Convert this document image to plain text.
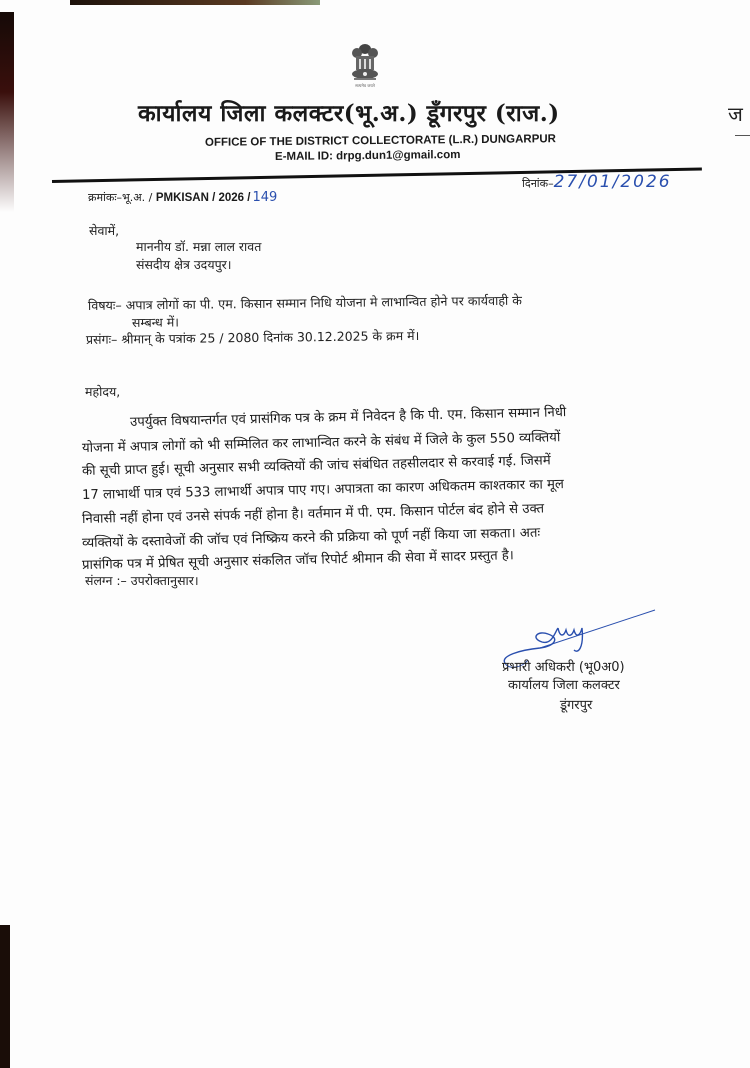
ज
सत्यमेव जयते
कार्यालय जिला कलक्टर(भू.अ.) डूँगरपुर (राज.)
OFFICE OF THE DISTRICT COLLECTORATE (L.R.) DUNGARPUR
E-MAIL ID: drpg.dun1@gmail.com
क्रमांकः–भू.अ. / PMKISAN / 2026 / 149
दिनांक–27/01/2026
सेवामें,
माननीय डॉ. मन्ना लाल रावत
संसदीय क्षेत्र उदयपुर।
विषयः– अपात्र लोगों का पी. एम. किसान सम्मान निधि योजना मे लाभान्वित होने पर कार्यवाही के
सम्बन्ध में।
प्रसंगः– श्रीमान् के पत्रांक 25 / 2080 दिनांक 30.12.2025 के क्रम में।
महोदय,
उपर्युक्त विषयान्तर्गत एवं प्रासंगिक पत्र के क्रम में निवेदन है कि पी. एम. किसान सम्मान निधी
योजना में अपात्र लोगों को भी सम्मिलित कर लाभान्वित करने के संबंध में जिले के कुल 550 व्यक्तियों
की सूची प्राप्त हुई। सूची अनुसार सभी व्यक्तियों की जांच संबंधित तहसीलदार से करवाई गई. जिसमें
17 लाभार्थी पात्र एवं 533 लाभार्थी अपात्र पाए गए। अपात्रता का कारण अधिकतम काश्तकार का मूल
निवासी नहीं होना एवं उनसे संपर्क नहीं होना है। वर्तमान में पी. एम. किसान पोर्टल बंद होने से उक्त
व्यक्तियों के दस्तावेजों की जॉच एवं निष्क्रिय करने की प्रक्रिया को पूर्ण नहीं किया जा सकता। अतः
प्रासंगिक पत्र में प्रेषित सूची अनुसार संकलित जॉच रिपोर्ट श्रीमान की सेवा में सादर प्रस्तुत है।
संलग्न :– उपरोक्तानुसार।
प्रभारी अधिकरी (भू0अ0)
कार्यालय जिला कलक्टर
डूंगरपुर
